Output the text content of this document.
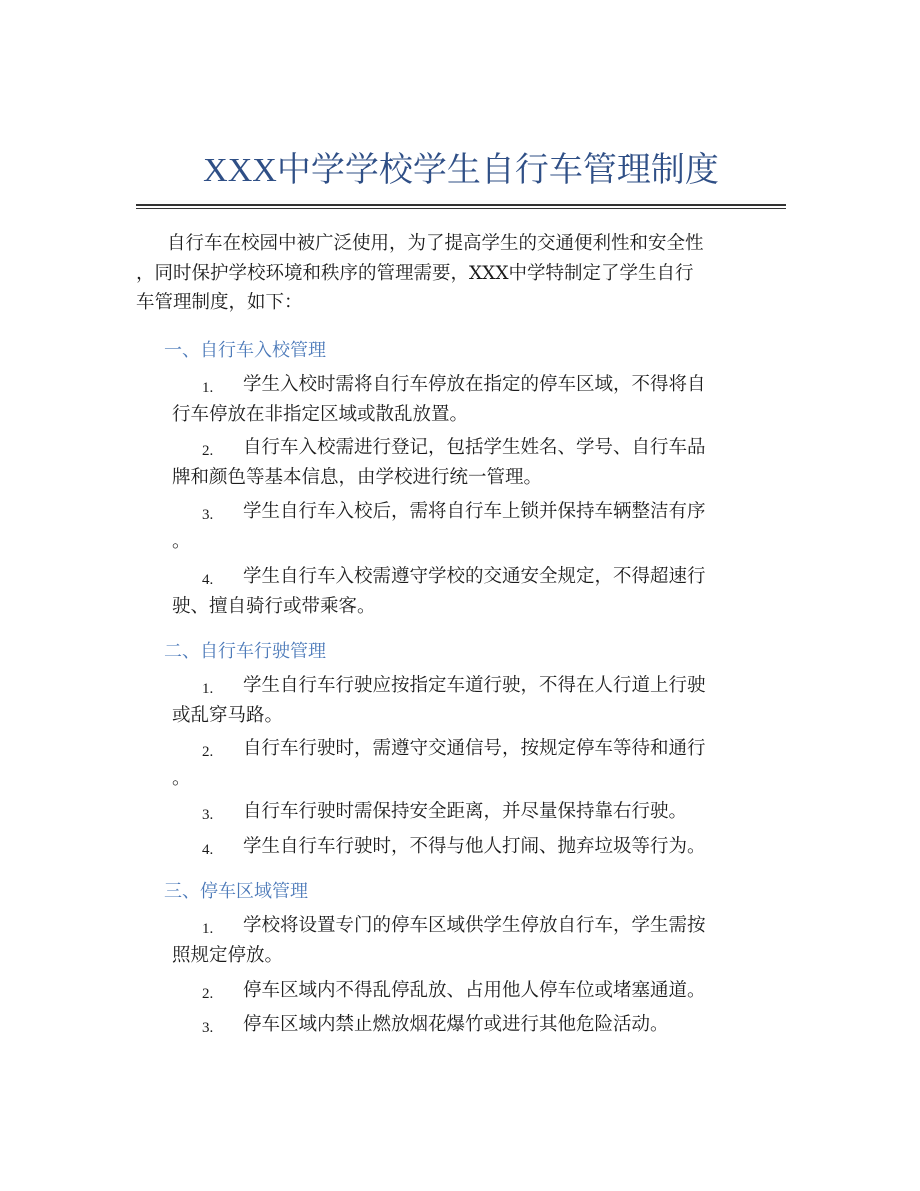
XXX中学学校学生自行车管理制度
自行车在校园中被广泛使用，为了提高学生的交通便利性和安全性
，同时保护学校环境和秩序的管理需要，XXX中学特制定了学生自行
车管理制度，如下：
一、自行车入校管理
学生入校时需将自行车停放在指定的停车区域，不得将自
1.
行车停放在非指定区域或散乱放置。
自行车入校需进行登记，包括学生姓名、学号、自行车品
2.
牌和颜色等基本信息，由学校进行统一管理。
学生自行车入校后，需将自行车上锁并保持车辆整洁有序
3.
。
学生自行车入校需遵守学校的交通安全规定，不得超速行
4.
驶、擅自骑行或带乘客。
二、自行车行驶管理
学生自行车行驶应按指定车道行驶，不得在人行道上行驶
1.
或乱穿马路。
自行车行驶时，需遵守交通信号，按规定停车等待和通行
2.
。
自行车行驶时需保持安全距离，并尽量保持靠右行驶。
3.
学生自行车行驶时，不得与他人打闹、抛弃垃圾等行为。
4.
三、停车区域管理
学校将设置专门的停车区域供学生停放自行车，学生需按
1.
照规定停放。
停车区域内不得乱停乱放、占用他人停车位或堵塞通道。
2.
停车区域内禁止燃放烟花爆竹或进行其他危险活动。
3.
